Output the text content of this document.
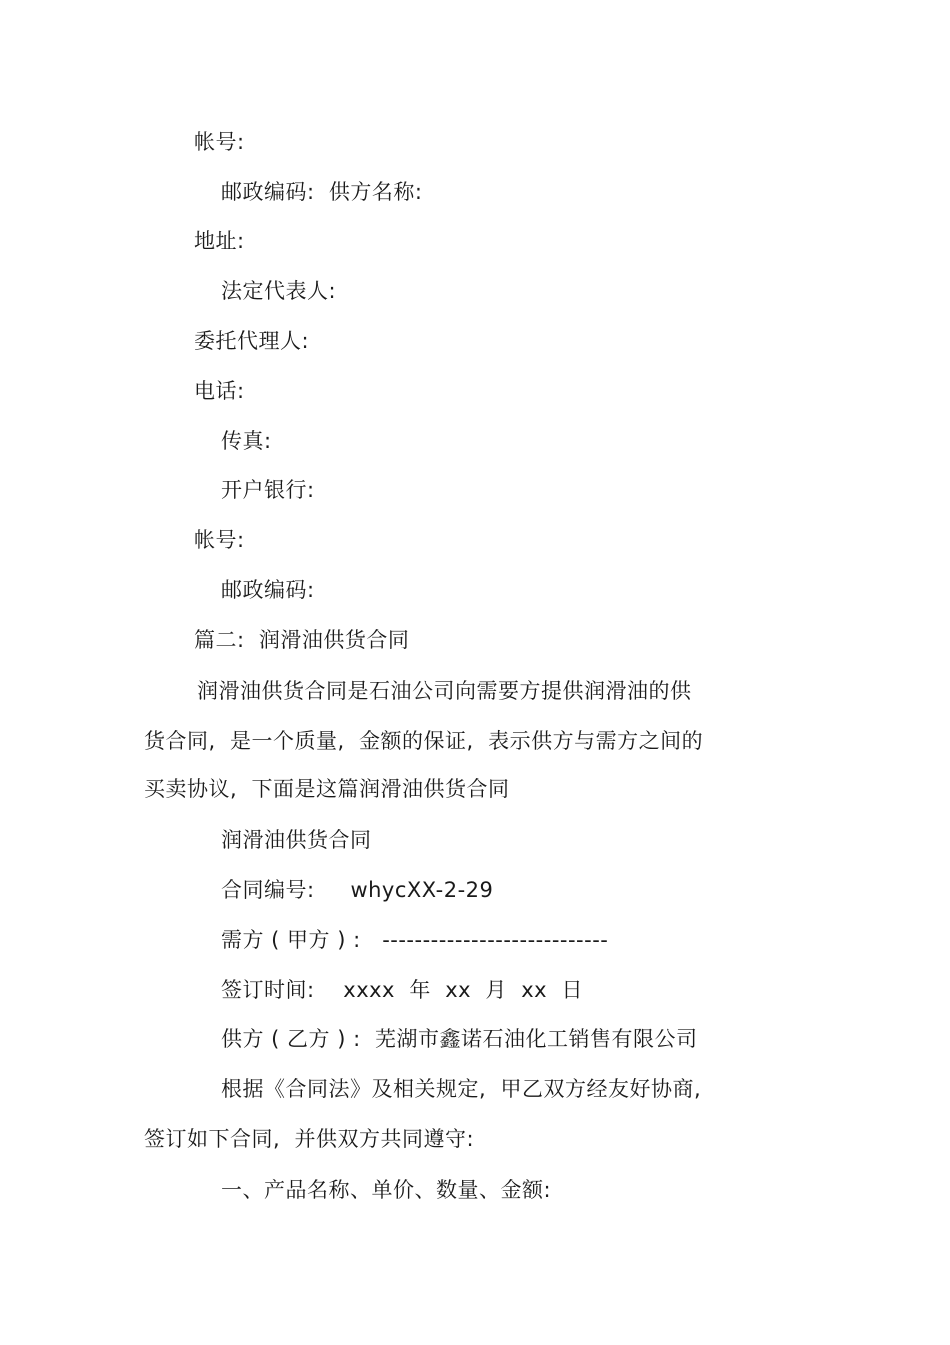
帐号:
邮政编码:  供方名称:
地址:
法定代表人:
委托代理人:
电话:
传真:
开户银行:
帐号:
邮政编码:
篇二:  润滑油供货合同
润滑油供货合同是石油公司向需要方提供润滑油的供
货合同,  是一个质量,  金额的保证,  表示供方与需方之间的
买卖协议,  下面是这篇润滑油供货合同
润滑油供货合同
合同编号:     whycXX-2-29
需方 ( 甲方 ) :   ----------------------------
签订时间:    xxxx  年  xx  月  xx  日
供方 ( 乙方 ) :  芜湖市鑫诺石油化工销售有限公司
根据《合同法》及相关规定,  甲乙双方经友好协商,
签订如下合同,  并供双方共同遵守:
一、产品名称、单价、数量、金额:
